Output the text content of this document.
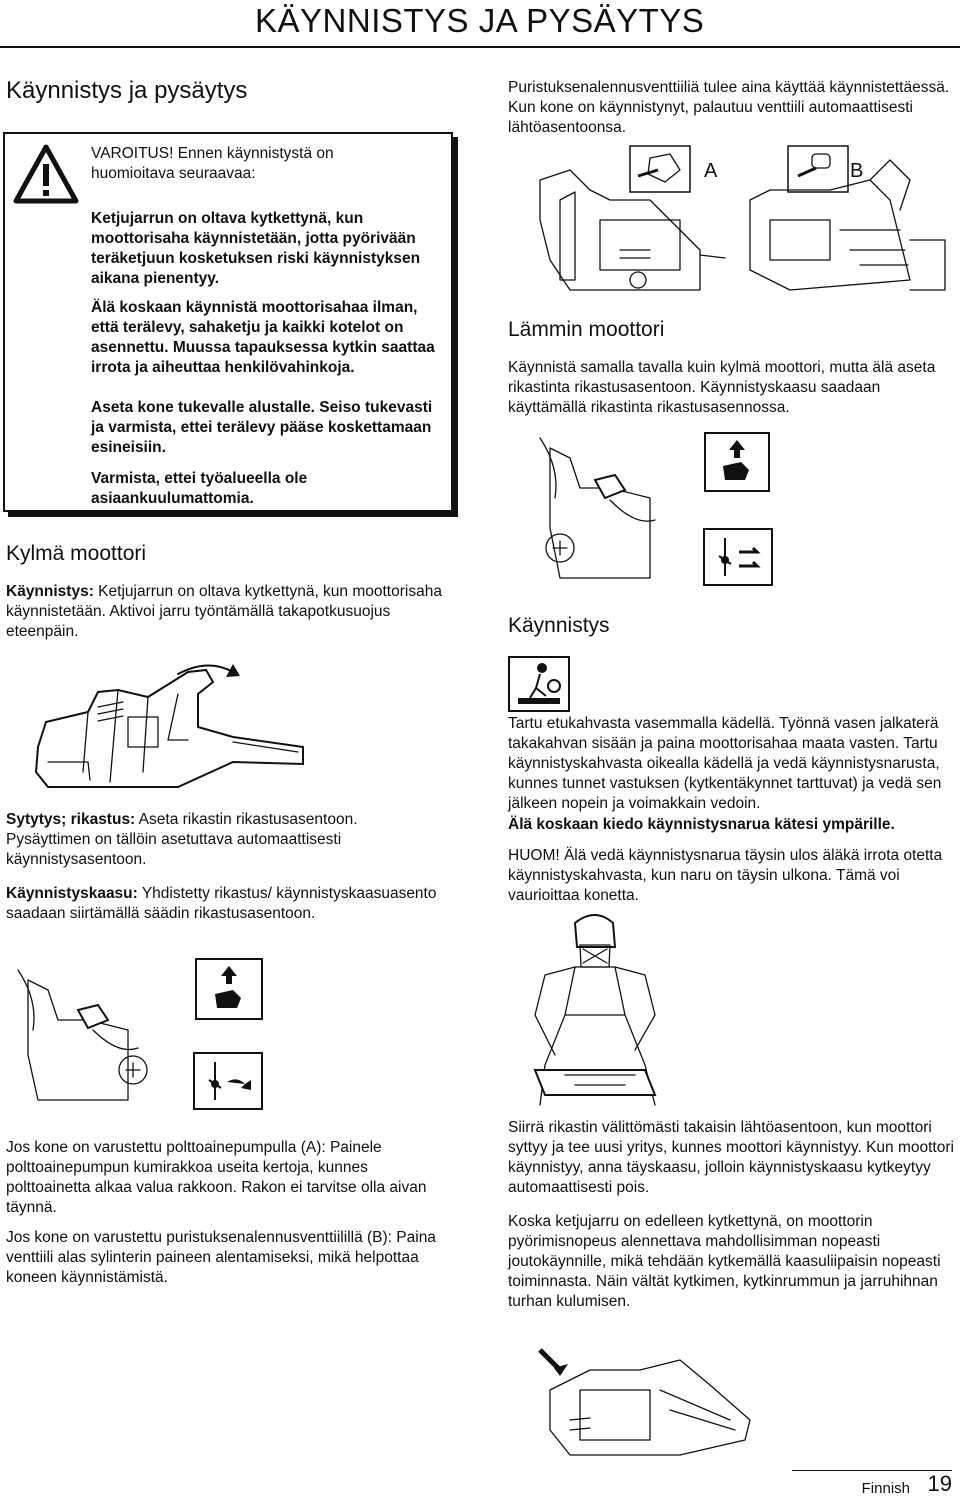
KÄYNNISTYS JA PYSÄYTYS
Käynnistys ja pysäytys
VAROITUS! Ennen käynnistystä on
huomioitava seuraavaa:
Ketjujarrun on oltava kytkettynä, kun moottorisaha käynnistetään, jotta pyörivään teräketjuun kosketuksen riski käynnistyksen aikana pienentyy.
Älä koskaan käynnistä moottorisahaa ilman, että terälevy, sahaketju ja kaikki kotelot on asennettu. Muussa tapauksessa kytkin saattaa irrota ja aiheuttaa henkilövahinkoja.
Aseta kone tukevalle alustalle. Seiso tukevasti ja varmista, ettei terälevy pääse koskettamaan esineisiin.
Varmista, ettei työalueella ole asiaankuulumattomia.
Kylmä moottori

Käynnistys: Ketjujarrun on oltava kytkettynä, kun moottorisaha käynnistetään. Aktivoi jarru työntämällä takapotkusuojus eteenpäin.

Sytytys; rikastus: Aseta rikastin rikastusasentoon. Pysäyttimen on tällöin asetuttava automaattisesti käynnistysasentoon.

Käynnistyskaasu: Yhdistetty rikastus/ käynnistyskaasuasento saadaan siirtämällä säädin rikastusasentoon.

Jos kone on varustettu polttoainepumpulla (A): Painele polttoainepumpun kumirakkoa useita kertoja, kunnes polttoainetta alkaa valua rakkoon. Rakon ei tarvitse olla aivan täynnä.

Jos kone on varustettu puristuksenalennusventtiilillä (B): Paina venttiili alas sylinterin paineen alentamiseksi, mikä helpottaa koneen käynnistämistä.

Puristuksenalennusventtiiliä tulee aina käyttää käynnistettäessä. Kun kone on käynnistynyt, palautuu venttiili automaattisesti lähtöasentoonsa.

A	B
Lämmin moottori

Käynnistä samalla tavalla kuin kylmä moottori, mutta älä aseta rikastinta rikastusasentoon. Käynnistyskaasu saadaan käyttämällä rikastinta rikastusasennossa.

Käynnistys

Tartu etukahvasta vasemmalla kädellä. Työnnä vasen jalkaterä takakahvan sisään ja paina moottorisahaa maata vasten. Tartu käynnistyskahvasta oikealla kädellä ja vedä käynnistysnarusta, kunnes tunnet vastuksen (kytkentäkynnet tarttuvat) ja vedä sen jälkeen nopein ja voimakkain vedoin.

Älä koskaan kiedo käynnistysnarua kätesi ympärille.

HUOM! Älä vedä käynnistysnarua täysin ulos äläkä irrota otetta käynnistyskahvasta, kun naru on täysin ulkona. Tämä voi vaurioittaa konetta.

Siirrä rikastin välittömästi takaisin lähtöasentoon, kun moottori syttyy ja tee uusi yritys, kunnes moottori käynnistyy. Kun moottori käynnistyy, anna täyskaasu, jolloin käynnistyskaasu kytkeytyy automaattisesti pois.

Koska ketjujarru on edelleen kytkettynä, on moottorin pyörimisnopeus alennettava mahdollisimman nopeasti joutokäynnille, mikä tehdään kytkemällä kaasuliipaisin nopeasti toiminnasta. Näin vältät kytkimen, kytkinrummun ja jarruhihnan turhan kulumisen.

Finnish 19
